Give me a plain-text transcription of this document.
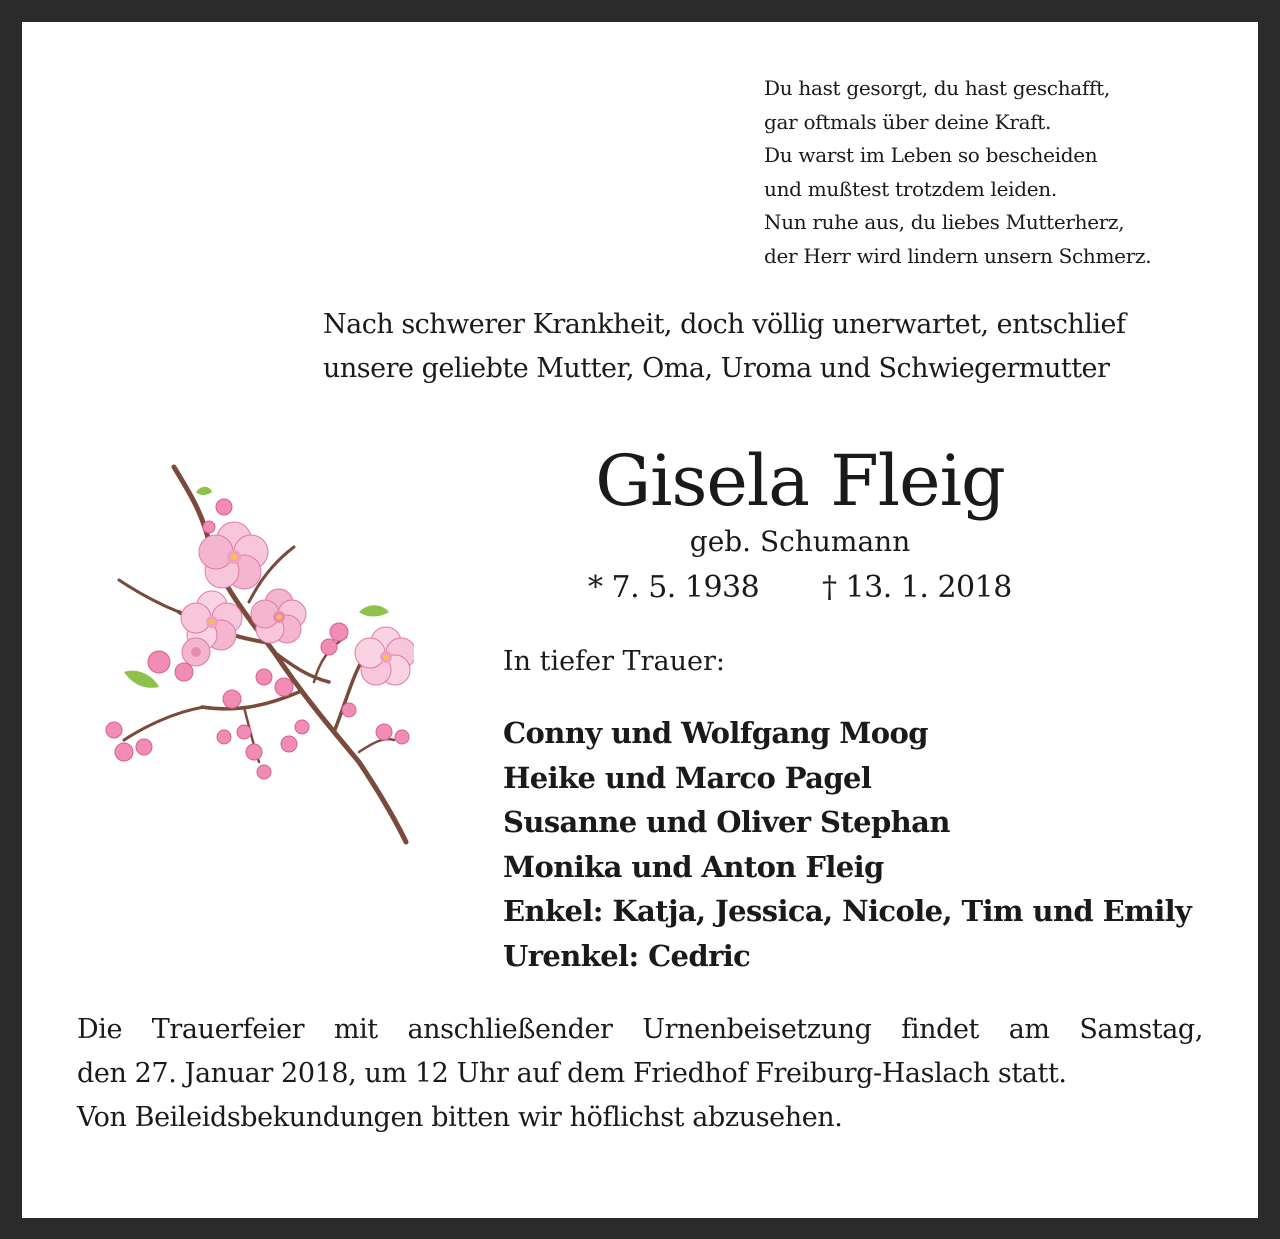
Du hast gesorgt, du hast geschafft,
gar oftmals über deine Kraft.
Du warst im Leben so bescheiden
und mußtest trotzdem leiden.
Nun ruhe aus, du liebes Mutterherz,
der Herr wird lindern unsern Schmerz.
Nach schwerer Krankheit, doch völlig unerwartet, entschlief
unsere geliebte Mutter, Oma, Uroma und Schwiegermutter
Gisela Fleig
geb. Schumann
* 7. 5. 1938 † 13. 1. 2018
In tiefer Trauer:
Conny und Wolfgang Moog
Heike und Marco Pagel
Susanne und Oliver Stephan
Monika und Anton Fleig
Enkel: Katja, Jessica, Nicole, Tim und Emily
Urenkel: Cedric
Die Trauerfeier mit anschließender Urnenbeisetzung findet am Samstag,
den 27. Januar 2018, um 12 Uhr auf dem Friedhof Freiburg-Haslach statt.
Von Beileidsbekundungen bitten wir höflichst abzusehen.
